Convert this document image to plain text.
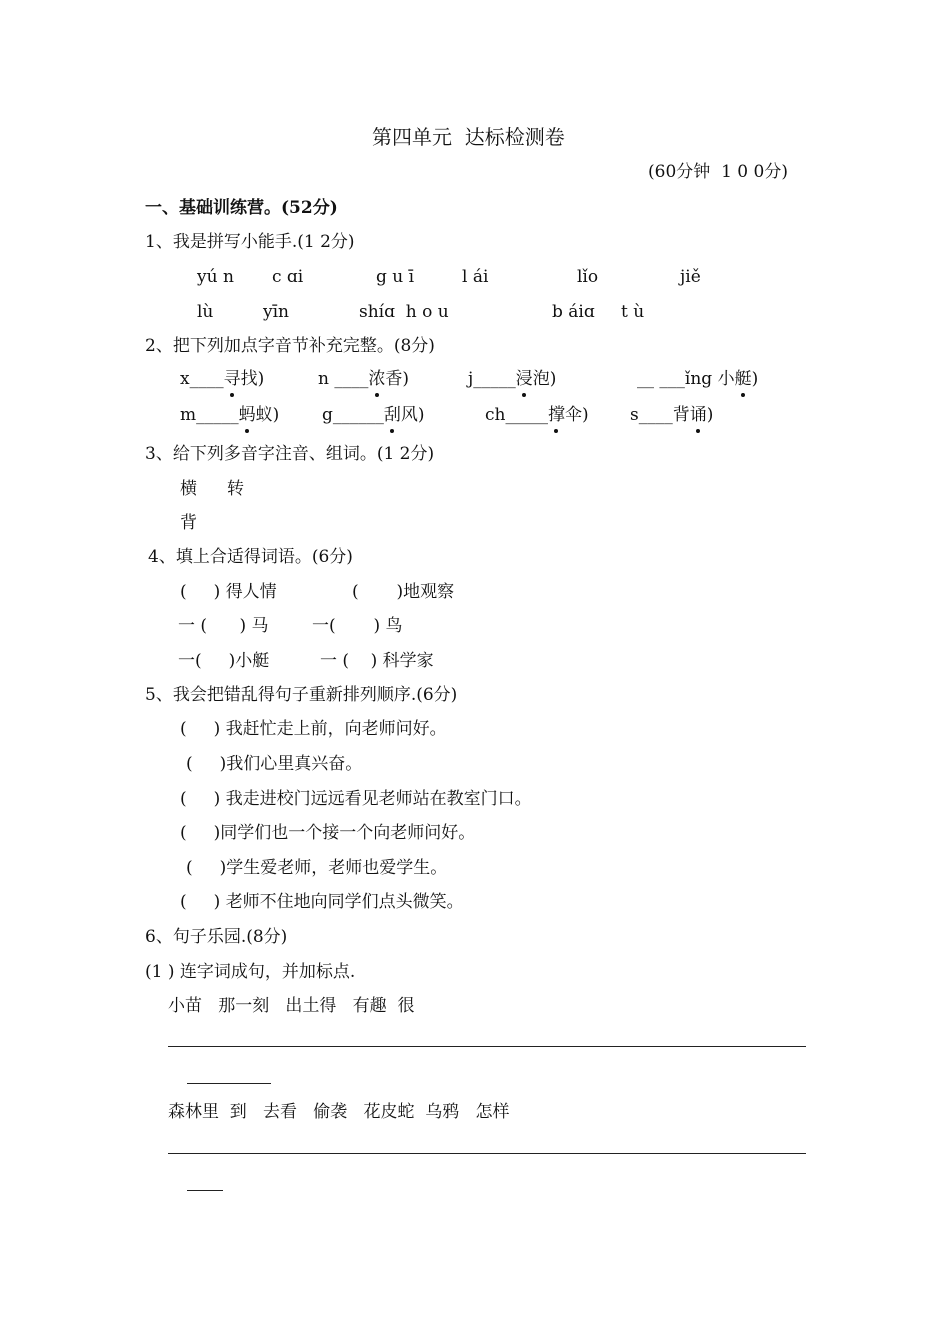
第四单元  达标检测卷
(60分钟  1 0 0分)
一、基础训练营。(52分)
1、我是拼写小能手.(1 2分)
yú n c ɑi	g u ī	l ái	lǐo	jiě
lù	yīn	shíɑ  h o u	b áiɑ t ù
2、把下列加点字音节补充完整。(8分)
x____寻找)	n ____浓香)	j_____浸泡)	__ ___ǐng 小艇)
m_____蚂蚁)	g______刮风)	ch_____撑伞) s____背诵)
3、给下列多音字注音、组词。(1 2分)
横 转
背
4、填上合适得词语。(6分)
(     ) 得人情	(       )地观察
一 (      ) 马	一(       ) 鸟
一(     )小艇	一 (    ) 科学家
5、我会把错乱得句子重新排列顺序.(6分)
(     ) 我赶忙走上前，向老师问好。
(     )我们心里真兴奋。
(     ) 我走进校门远远看见老师站在教室门口。
(     )同学们也一个接一个向老师问好。
(     )学生爱老师，老师也爱学生。
(     ) 老师不住地向同学们点头微笑。
6、句子乐园.(8分)
(1 ) 连字词成句，并加标点.
小苗   那一刻   出土得   有趣  很
森林里  到   去看   偷袭   花皮蛇  乌鸦   怎样
